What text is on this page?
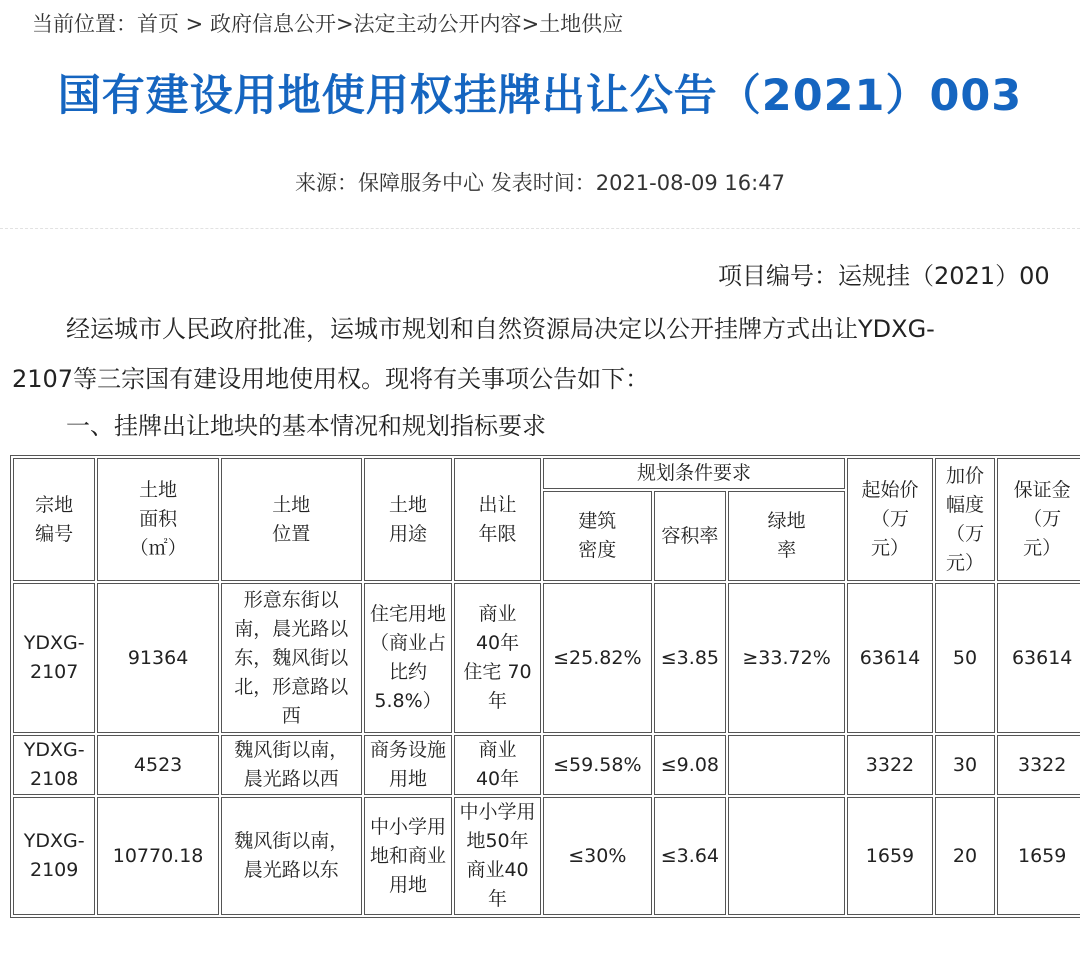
当前位置：首页 > 政府信息公开>法定主动公开内容>土地供应
国有建设用地使用权挂牌出让公告（2021）003
来源：保障服务中心 发表时间：2021-08-09 16:47
项目编号：运规挂（2021）00
经运城市人民政府批准，运城市规划和自然资源局决定以公开挂牌方式出让YDXG-
2107等三宗国有建设用地使用权。现将有关事项公告如下：
一、挂牌出让地块的基本情况和规划指标要求
宗地
编号	土地
面积
（㎡）	土地
位置	土地
用途	出让
年限	规划条件要求			起始价
（万
元）	加价
幅度
（万
元）	保证金
（万
元）
					建筑
密度	容积率	绿地
率			
YDXG-
2107	91364	形意东街以
南，晨光路以
东，魏风街以
北，形意路以
西	住宅用地
（商业占
比约
5.8%）	商业
40年
住宅 70
年	≤25.82%	≤3.85	≥33.72%	63614	50	63614
YDXG-
2108	4523	魏风街以南，
晨光路以西	商务设施
用地	商业
40年	≤59.58%	≤9.08		3322	30	3322
YDXG-
2109	10770.18	魏风街以南，
晨光路以东	中小学用
地和商业
用地	中小学用
地50年
商业40
年	≤30%	≤3.64		1659	20	1659
